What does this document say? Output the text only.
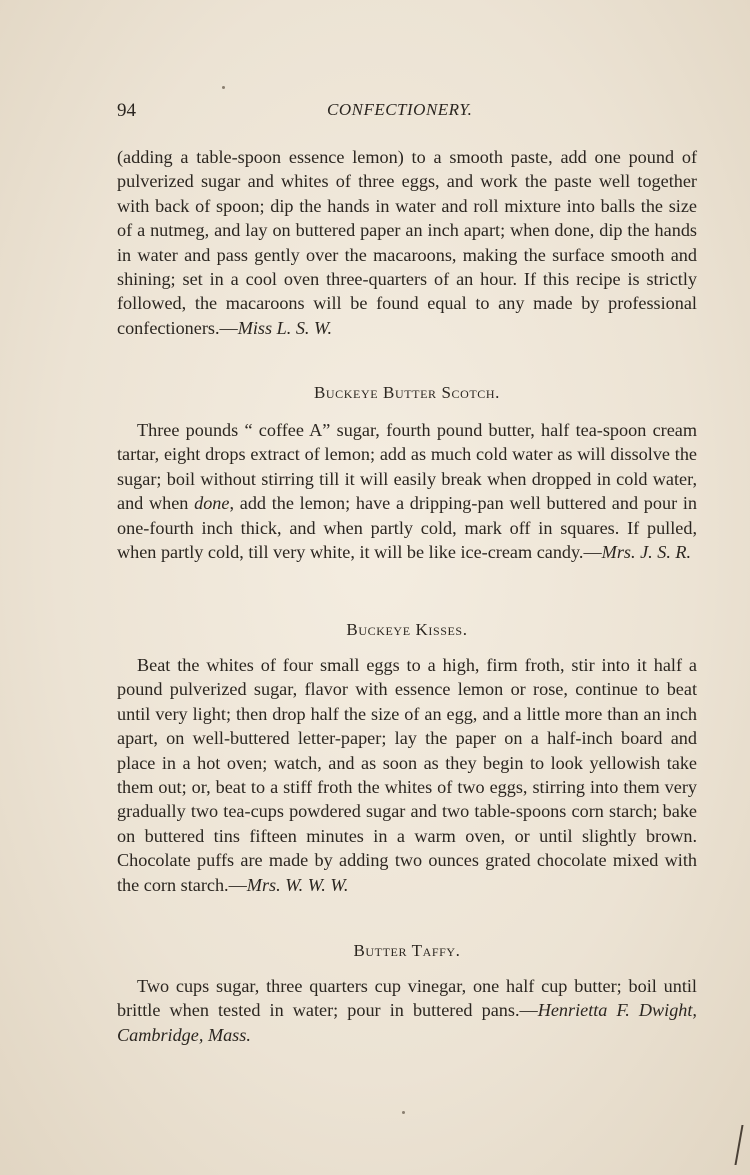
94	CONFECTIONERY.
(adding a table-spoon essence lemon) to a smooth paste, add one pound of pulverized sugar and whites of three eggs, and work the paste well together with back of spoon; dip the hands in water and roll mixture into balls the size of a nutmeg, and lay on buttered paper an inch apart; when done, dip the hands in water and pass gently over the macaroons, making the surface smooth and shining; set in a cool oven three-quarters of an hour. If this recipe is strictly followed, the macaroons will be found equal to any made by professional confectioners.—Miss L. S. W.
Buckeye Butter Scotch.
Three pounds “ coffee A” sugar, fourth pound butter, half tea-spoon cream tartar, eight drops extract of lemon; add as much cold water as will dissolve the sugar; boil without stirring till it will easily break when dropped in cold water, and when done, add the lemon; have a dripping-pan well buttered and pour in one-fourth inch thick, and when partly cold, mark off in squares. If pulled, when partly cold, till very white, it will be like ice-cream candy.—Mrs. J. S. R.
Buckeye Kisses.
Beat the whites of four small eggs to a high, firm froth, stir into it half a pound pulverized sugar, flavor with essence lemon or rose, continue to beat until very light; then drop half the size of an egg, and a little more than an inch apart, on well-buttered letter-paper; lay the paper on a half-inch board and place in a hot oven; watch, and as soon as they begin to look yellowish take them out; or, beat to a stiff froth the whites of two eggs, stirring into them very gradually two tea-cups powdered sugar and two table-spoons corn starch; bake on buttered tins fifteen minutes in a warm oven, or until slightly brown. Chocolate puffs are made by adding two ounces grated chocolate mixed with the corn starch.—Mrs. W. W. W.
Butter Taffy.
Two cups sugar, three quarters cup vinegar, one half cup butter; boil until brittle when tested in water; pour in buttered pans.—Henrietta F. Dwight, Cambridge, Mass.
